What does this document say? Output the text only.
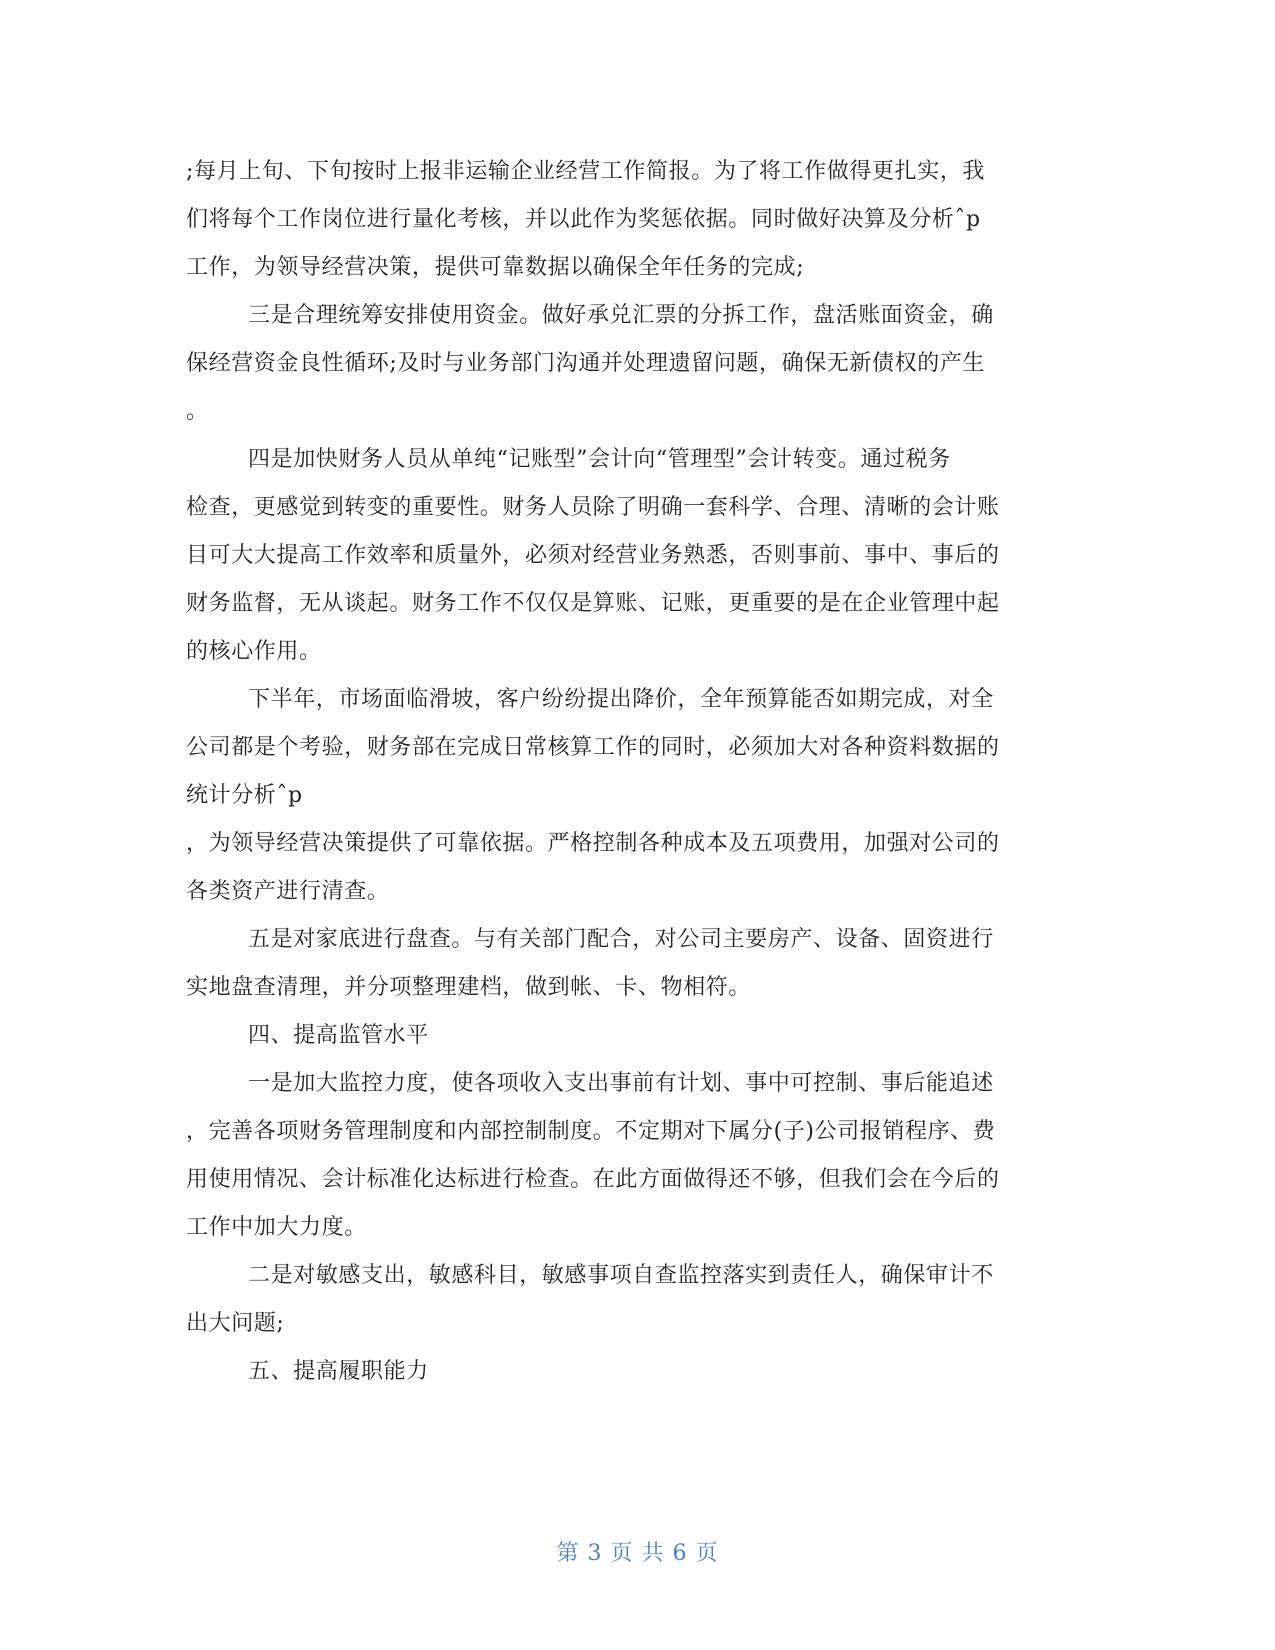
;每月上旬、下旬按时上报非运输企业经营工作简报。为了将工作做得更扎实，我
们将每个工作岗位进行量化考核，并以此作为奖惩依据。同时做好决算及分析ˆp
工作，为领导经营决策，提供可靠数据以确保全年任务的完成;
三是合理统筹安排使用资金。做好承兑汇票的分拆工作，盘活账面资金，确
保经营资金良性循环;及时与业务部门沟通并处理遗留问题，确保无新债权的产生
。
四是加快财务人员从单纯“记账型”会计向“管理型”会计转变。通过税务
检查，更感觉到转变的重要性。财务人员除了明确一套科学、合理、清晰的会计账
目可大大提高工作效率和质量外，必须对经营业务熟悉，否则事前、事中、事后的
财务监督，无从谈起。财务工作不仅仅是算账、记账，更重要的是在企业管理中起
的核心作用。
下半年，市场面临滑坡，客户纷纷提出降价，全年预算能否如期完成，对全
公司都是个考验，财务部在完成日常核算工作的同时，必须加大对各种资料数据的
统计分析ˆp
，为领导经营决策提供了可靠依据。严格控制各种成本及五项费用，加强对公司的
各类资产进行清查。
五是对家底进行盘查。与有关部门配合，对公司主要房产、设备、固资进行
实地盘查清理，并分项整理建档，做到帐、卡、物相符。
四、提高监管水平
一是加大监控力度，使各项收入支出事前有计划、事中可控制、事后能追述
，完善各项财务管理制度和内部控制制度。不定期对下属分(子)公司报销程序、费
用使用情况、会计标准化达标进行检查。在此方面做得还不够，但我们会在今后的
工作中加大力度。
二是对敏感支出，敏感科目，敏感事项自查监控落实到责任人，确保审计不
出大问题;
五、提高履职能力
第 3 页 共 6 页
